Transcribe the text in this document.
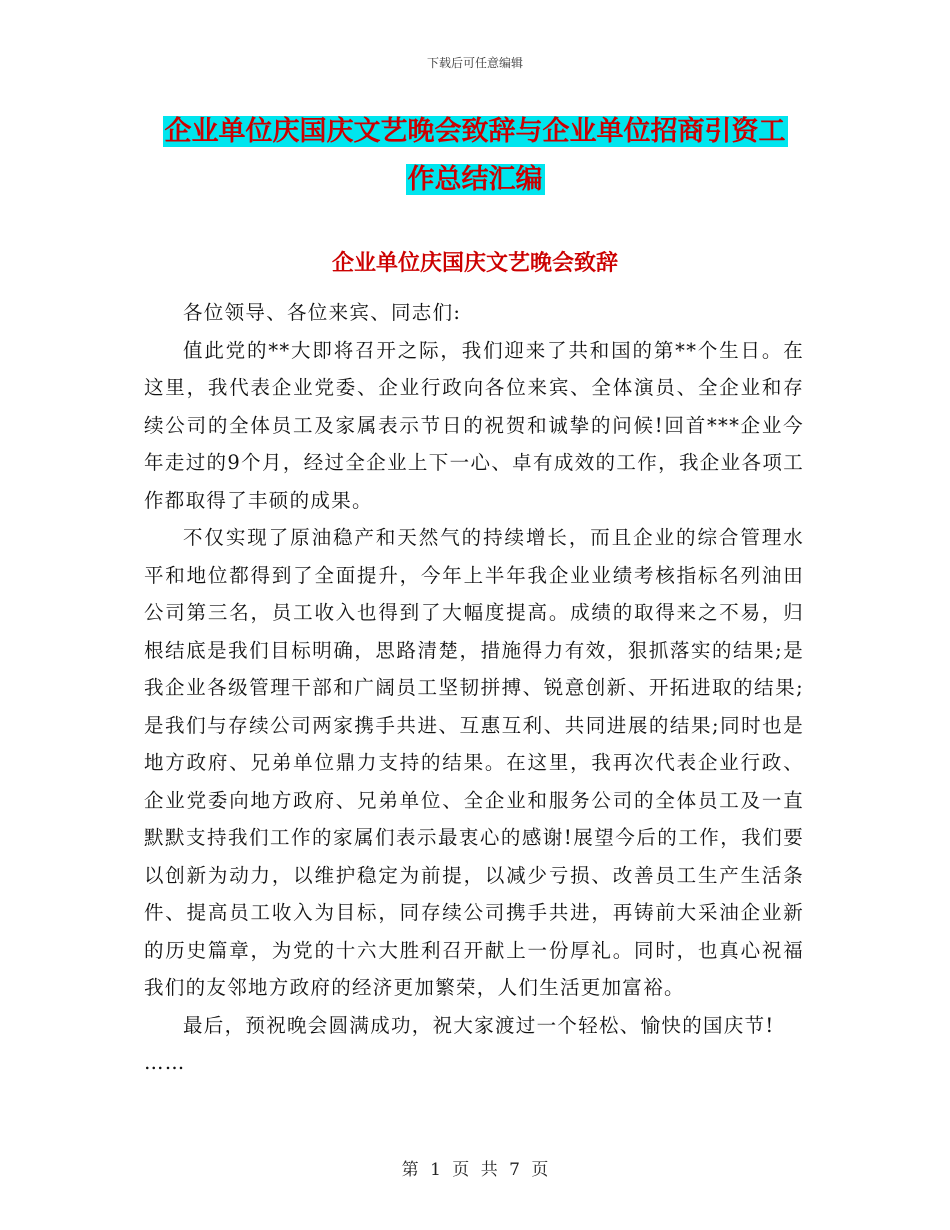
下载后可任意编辑
企业单位庆国庆文艺晚会致辞与企业单位招商引资工
作总结汇编
企业单位庆国庆文艺晚会致辞

各位领导、各位来宾、同志们:

值此党的**大即将召开之际，我们迎来了共和国的第**个生日。在这里，我代表企业党委、企业行政向各位来宾、全体演员、全企业和存续公司的全体员工及家属表示节日的祝贺和诚挚的问候!回首***企业今年走过的9个月，经过全企业上下一心、卓有成效的工作，我企业各项工作都取得了丰硕的成果。

不仅实现了原油稳产和天然气的持续增长，而且企业的综合管理水平和地位都得到了全面提升，今年上半年我企业业绩考核指标名列油田公司第三名，员工收入也得到了大幅度提高。成绩的取得来之不易，归根结底是我们目标明确，思路清楚，措施得力有效，狠抓落实的结果;是我企业各级管理干部和广阔员工坚韧拼搏、锐意创新、开拓进取的结果;是我们与存续公司两家携手共进、互惠互利、共同进展的结果;同时也是地方政府、兄弟单位鼎力支持的结果。在这里，我再次代表企业行政、企业党委向地方政府、兄弟单位、全企业和服务公司的全体员工及一直默默支持我们工作的家属们表示最衷心的感谢!展望今后的工作，我们要以创新为动力，以维护稳定为前提，以减少亏损、改善员工生产生活条件、提高员工收入为目标，同存续公司携手共进，再铸前大采油企业新的历史篇章，为党的十六大胜利召开献上一份厚礼。同时，也真心祝福我们的友邻地方政府的经济更加繁荣，人们生活更加富裕。

最后，预祝晚会圆满成功，祝大家渡过一个轻松、愉快的国庆节!

……
第 1 页 共 7 页
